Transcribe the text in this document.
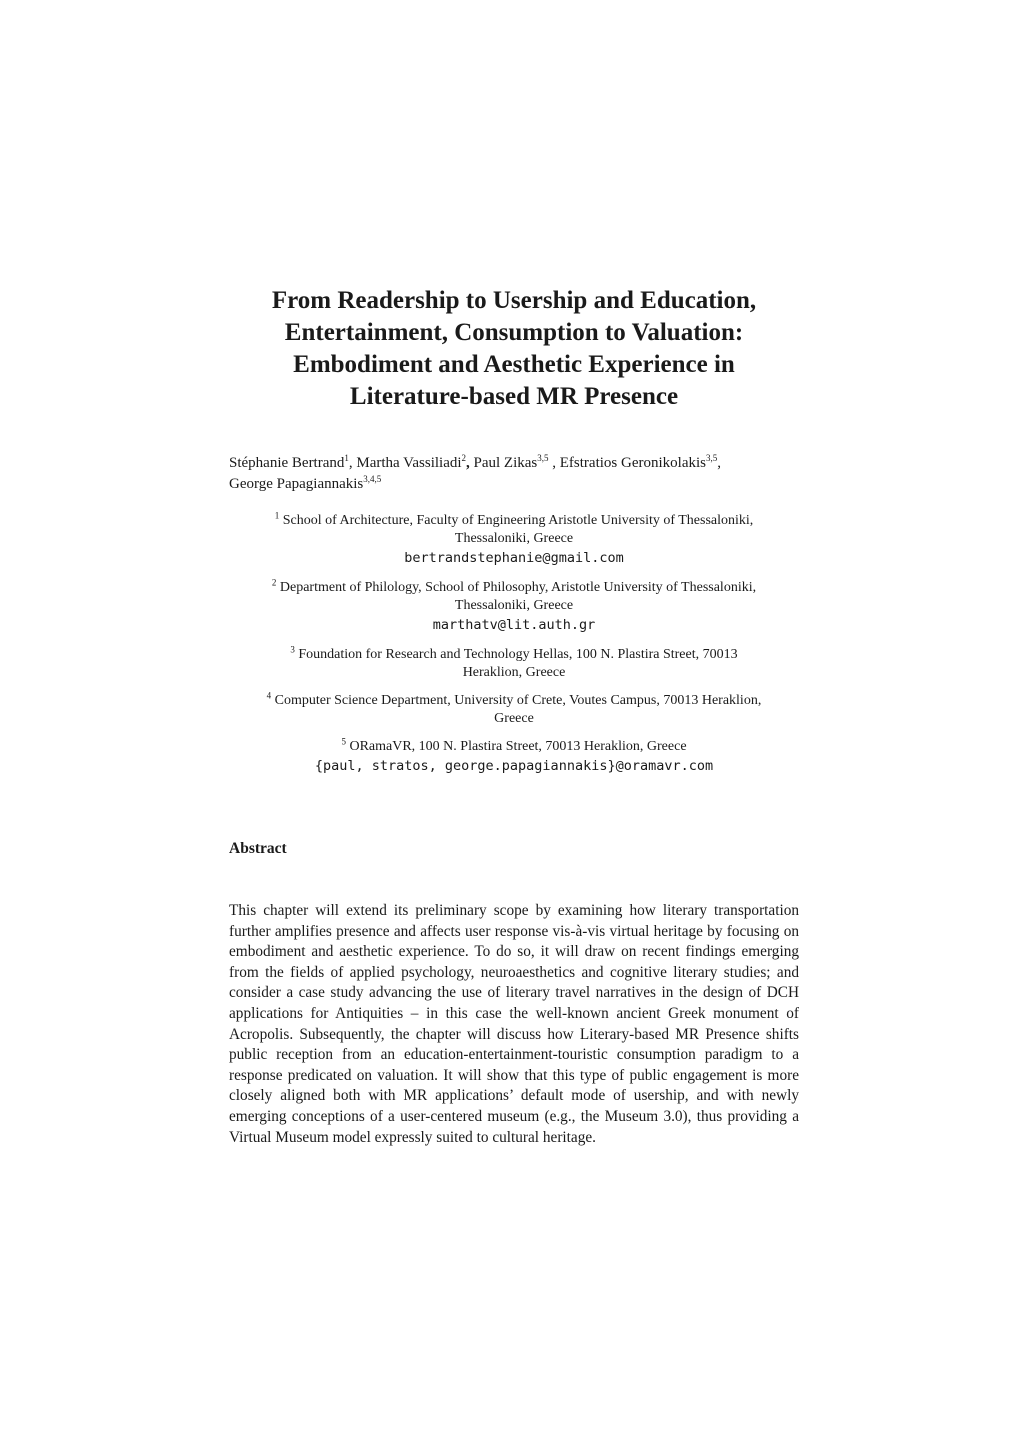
From Readership to Usership and Education,
Entertainment, Consumption to Valuation:
Embodiment and Aesthetic Experience in
Literature-based MR Presence
Stéphanie Bertrand$^1$, Martha Vassiliadi$^2$, Paul Zikas$^{3,5}$ , Efstratios Geronikolakis$^{3,5}$,
George Papagiannakis$^{3,4,5}$
$^1$ School of Architecture, Faculty of Engineering Aristotle University of Thessaloniki,
Thessaloniki, Greece
bertrandstephanie@gmail.com
$^2$ Department of Philology, School of Philosophy, Aristotle University of Thessaloniki,
Thessaloniki, Greece
marthatv@lit.auth.gr
$^3$ Foundation for Research and Technology Hellas, 100 N. Plastira Street, 70013
Heraklion, Greece
$^4$ Computer Science Department, University of Crete, Voutes Campus, 70013 Heraklion,
Greece
$^5$ ORamaVR, 100 N. Plastira Street, 70013 Heraklion, Greece
{paul, stratos, george.papagiannakis}@oramavr.com
Abstract
This chapter will extend its preliminary scope by examining how literary transportation further amplifies presence and affects user response vis-à-vis virtual heritage by focusing on embodiment and aesthetic experience. To do so, it will draw on recent findings emerging from the fields of applied psychology, neuroaesthetics and cognitive literary studies; and consider a case study advancing the use of literary travel narratives in the design of DCH applications for Antiquities – in this case the well-known ancient Greek monument of Acropolis. Subsequently, the chapter will discuss how Literary-based MR Presence shifts public reception from an education-entertainment-touristic consumption paradigm to a response predicated on valuation. It will show that this type of public engagement is more closely aligned both with MR applications’ default mode of usership, and with newly emerging conceptions of a user-centered museum (e.g., the Museum 3.0), thus providing a Virtual Museum model expressly suited to cultural heritage.
